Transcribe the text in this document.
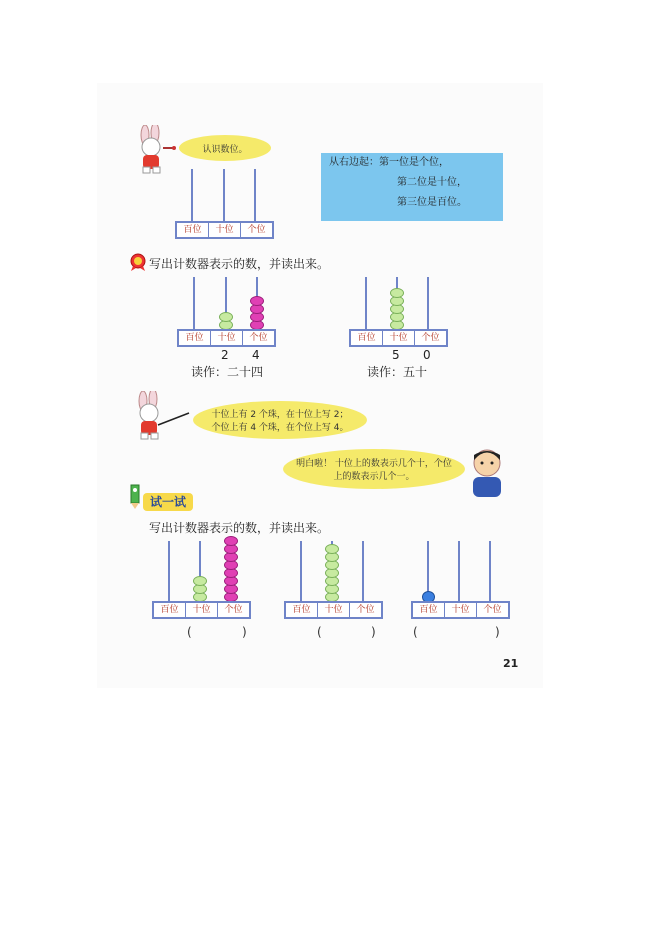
认识数位。
百位	十位	个位
从右边起：第一位是个位，
第二位是十位，
第三位是百位。
写出计数器表示的数，并读出来。
百位	十位	个位
2 4
读作：二十四
百位	十位	个位
5 0
读作：五十
十位上有 2 个珠，在十位上写 2；
个位上有 4 个珠，在个位上写 4。
明白啦！ 十位上的数表示几个十，个位上的数表示几个一。
试一试
写出计数器表示的数，并读出来。
百位	十位	个位
(	)
百位	十位	个位
(	)
百位	十位	个位
(	)
21
